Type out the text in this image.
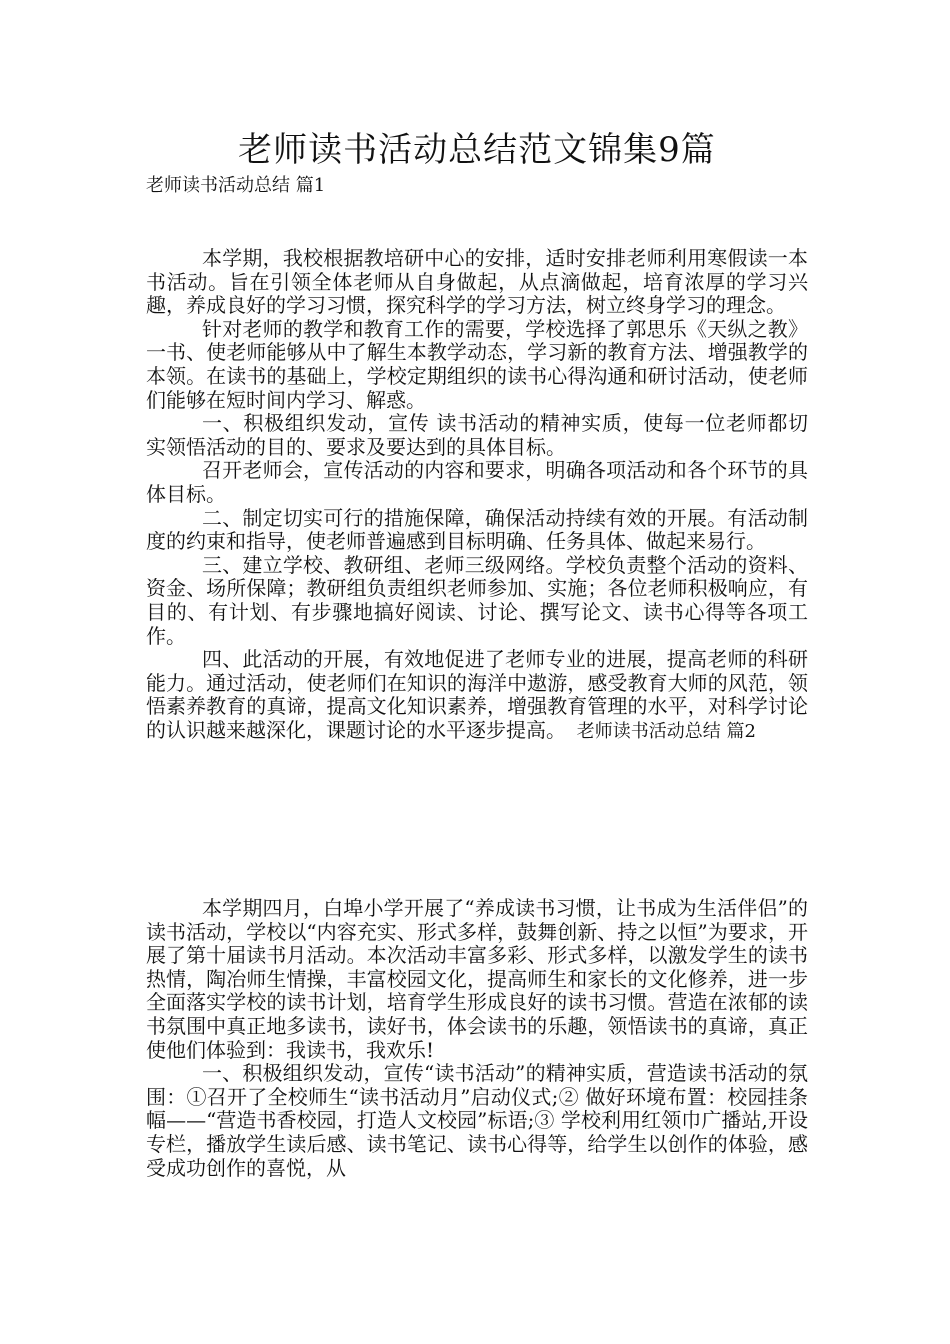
老师读书活动总结范文锦集9篇
老师读书活动总结 篇1

本学期，我校根据教培研中心的安排，适时安排老师利用寒假读一本书活动。旨在引领全体老师从自身做起，从点滴做起，培育浓厚的学习兴趣，养成良好的学习习惯，探究科学的学习方法，树立终身学习的理念。

针对老师的教学和教育工作的需要，学校选择了郭思乐《天纵之教》一书、使老师能够从中了解生本教学动态，学习新的教育方法、增强教学的本领。在读书的基础上，学校定期组织的读书心得沟通和研讨活动，使老师们能够在短时间内学习、解惑。

一、积极组织发动，宣传 读书活动的精神实质，使每一位老师都切实领悟活动的目的、要求及要达到的具体目标。

召开老师会，宣传活动的内容和要求，明确各项活动和各个环节的具体目标。

二、制定切实可行的措施保障，确保活动持续有效的开展。有活动制度的约束和指导，使老师普遍感到目标明确、任务具体、做起来易行。

三、建立学校、教研组、老师三级网络。学校负责整个活动的资料、资金、场所保障；教研组负责组织老师参加、实施；各位老师积极响应，有目的、有计划、有步骤地搞好阅读、讨论、撰写论文、读书心得等各项工作。

四、此活动的开展，有效地促进了老师专业的进展，提高老师的科研能力。通过活动，使老师们在知识的海洋中遨游，感受教育大师的风范，领悟素养教育的真谛，提高文化知识素养，增强教育管理的水平，对科学讨论的认识越来越深化，课题讨论的水平逐步提高。 老师读书活动总结 篇2

本学期四月，白埠小学开展了“养成读书习惯，让书成为生活伴侣”的读书活动，学校以“内容充实、形式多样，鼓舞创新、持之以恒”为要求，开展了第十届读书月活动。本次活动丰富多彩、形式多样，以激发学生的读书热情，陶冶师生情操，丰富校园文化，提高师生和家长的文化修养，进一步全面落实学校的读书计划，培育学生形成良好的读书习惯。营造在浓郁的读书氛围中真正地多读书，读好书，体会读书的乐趣，领悟读书的真谛，真正使他们体验到：我读书，我欢乐!

一、积极组织发动，宣传“读书活动”的精神实质，营造读书活动的氛围：①召开了全校师生“读书活动月”启动仪式;② 做好环境布置：校园挂条幅——“营造书香校园，打造人文校园”标语;③ 学校利用红领巾广播站,开设专栏，播放学生读后感、读书笔记、读书心得等，给学生以创作的体验，感受成功创作的喜悦，从
